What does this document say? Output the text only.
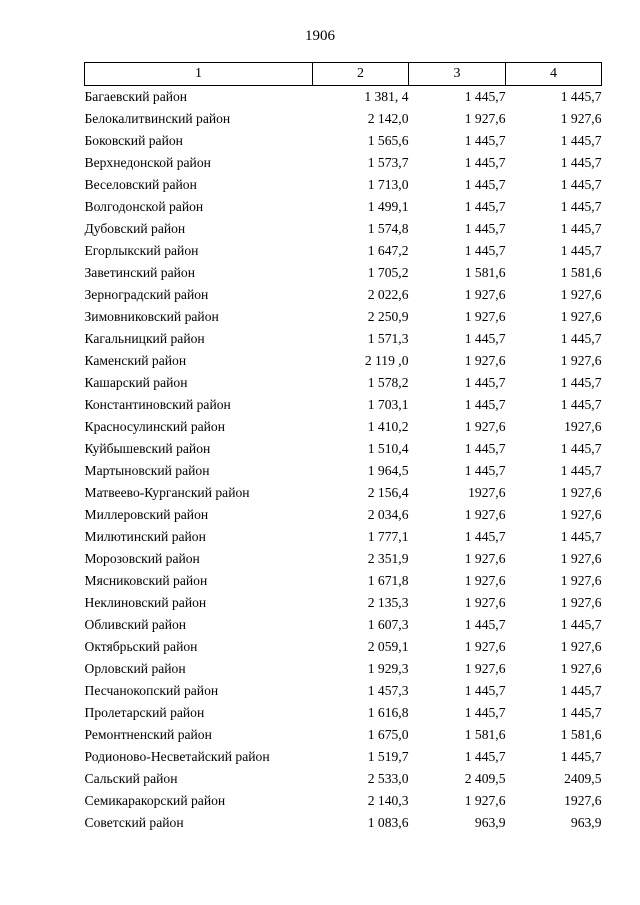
1906
1	2	3	4
Багаевский район	1 381, 4	1 445,7	1 445,7
Белокалитвинский район	2 142,0	1 927,6	1 927,6
Боковский район	1 565,6	1 445,7	1 445,7
Верхнедонской район	1 573,7	1 445,7	1 445,7
Веселовский район	1 713,0	1 445,7	1 445,7
Волгодонской район	1 499,1	1 445,7	1 445,7
Дубовский район	1 574,8	1 445,7	1 445,7
Егорлыкский район	1 647,2	1 445,7	1 445,7
Заветинский район	1 705,2	1 581,6	1 581,6
Зерноградский район	2 022,6	1 927,6	1 927,6
Зимовниковский район	2 250,9	1 927,6	1 927,6
Кагальницкий район	1 571,3	1 445,7	1 445,7
Каменский район	2 119 ,0	1 927,6	1 927,6
Кашарский район	1 578,2	1 445,7	1 445,7
Константиновский район	1 703,1	1 445,7	1 445,7
Красносулинский район	1 410,2	1 927,6	1927,6
Куйбышевский район	1 510,4	1 445,7	1 445,7
Мартыновский район	1 964,5	1 445,7	1 445,7
Матвеево-Курганский район	2 156,4	1927,6	1 927,6
Миллеровский район	2 034,6	1 927,6	1 927,6
Милютинский район	1 777,1	1 445,7	1 445,7
Морозовский район	2 351,9	1 927,6	1 927,6
Мясниковский район	1 671,8	1 927,6	1 927,6
Неклиновский район	2 135,3	1 927,6	1 927,6
Обливский район	1 607,3	1 445,7	1 445,7
Октябрьский район	2 059,1	1 927,6	1 927,6
Орловский район	1 929,3	1 927,6	1 927,6
Песчанокопский район	1 457,3	1 445,7	1 445,7
Пролетарский район	1 616,8	1 445,7	1 445,7
Ремонтненский район	1 675,0	1 581,6	1 581,6
Родионово-Несветайский район	1 519,7	1 445,7	1 445,7
Сальский район	2 533,0	2 409,5	2409,5
Семикаракорский район	2 140,3	1 927,6	1927,6
Советский район	1 083,6	963,9	963,9
